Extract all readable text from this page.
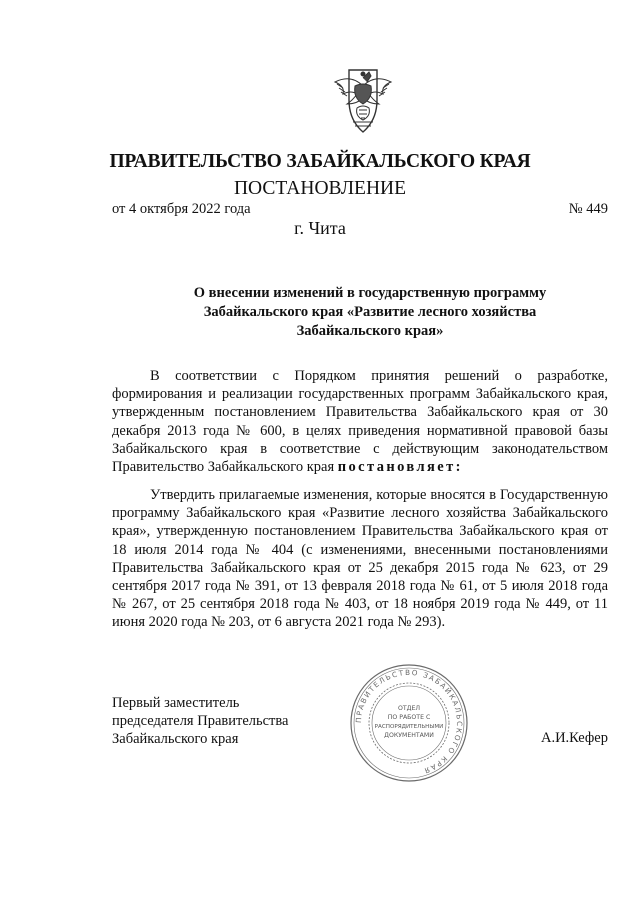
ПРАВИТЕЛЬСТВО ЗАБАЙКАЛЬСКОГО КРАЯ
ПОСТАНОВЛЕНИЕ
от 4 октября 2022 года	№ 449
г. Чита
О внесении изменений в государственную программу
Забайкальского края «Развитие лесного хозяйства
Забайкальского края»
В соответствии с Порядком принятия решений о разработке, формирования и реализации государственных программ Забайкальского края, утвержденным постановлением Правительства Забайкальского края от 30 декабря 2013 года № 600, в целях приведения нормативной правовой базы Забайкальского края в соответствие с действующим законодательством Правительство Забайкальского края постановляет:
Утвердить прилагаемые изменения, которые вносятся в Государственную программу Забайкальского края «Развитие лесного хозяйства Забайкальского края», утвержденную постановлением Правительства Забайкальского края от 18 июля 2014 года № 404 (с изменениями, внесенными постановлениями Правительства Забайкальского края от 25 декабря 2015 года № 623, от 29 сентября 2017 года № 391, от 13 февраля 2018 года № 61, от 5 июля 2018 года № 267, от 25 сентября 2018 года № 403, от 18 ноября 2019 года № 449, от 11 июня 2020 года № 203, от 6 августа 2021 года № 293).
Первый заместитель
председателя Правительства
Забайкальского края
ПРАВИТЕЛЬСТВО ЗАБАЙКАЛЬСКОГО КРАЯ
ОТДЕЛ
ПО РАБОТЕ С
РАСПОРЯДИТЕЛЬНЫМИ
ДОКУМЕНТАМИ	А.И.Кефер
